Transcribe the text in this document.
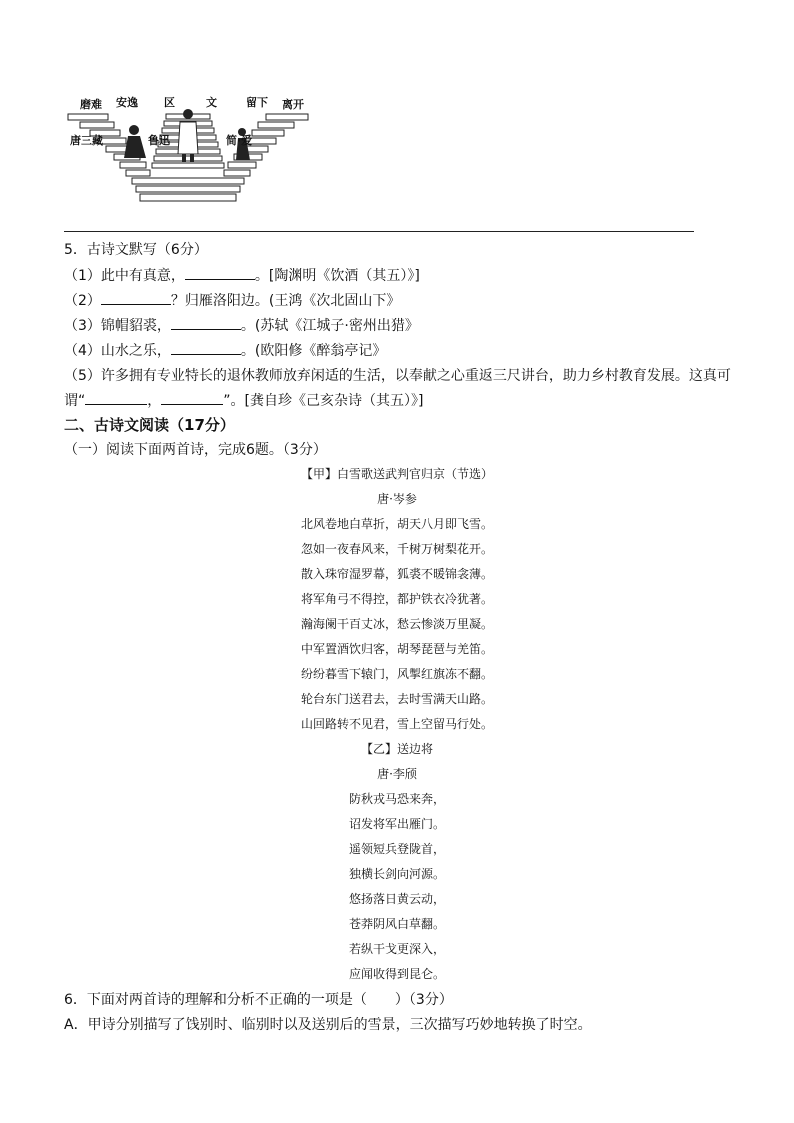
磨难 安逸 区	文	留下 离开
唐三藏	鲁迅	简·爱
5．古诗文默写（6分）
（1）此中有真意，	。[陶渊明《饮酒（其五）》]
（2）	？归雁洛阳边。(王鸿《次北固山下》
（3）锦帽貂裘，	。(苏轼《江城子·密州出猎》
（4）山水之乐，	。(欧阳修《醉翁亭记》
（5）许多拥有专业特长的退休教师放弃闲适的生活，以奉献之心重返三尺讲台，助力乡村教育发展。这真可
谓“	，	”。[龚自珍《己亥杂诗（其五）》]
二、古诗文阅读（17分）
（一）阅读下面两首诗，完成6题。（3分）
【甲】白雪歌送武判官归京（节选）
唐·岑参
北风卷地白草折，胡天八月即飞雪。
忽如一夜春风来，千树万树梨花开。
散入珠帘湿罗幕，狐裘不暖锦衾薄。
将军角弓不得控，都护铁衣冷犹著。
瀚海阑干百丈冰，愁云惨淡万里凝。
中军置酒饮归客，胡琴琵琶与羌笛。
纷纷暮雪下辕门，风掣红旗冻不翻。
轮台东门送君去，去时雪满天山路。
山回路转不见君，雪上空留马行处。
【乙】送边将
唐·李颀
防秋戎马恐来奔，
诏发将军出雁门。
遥领短兵登陇首，
独横长剑向河源。
悠扬落日黄云动，
苍莽阴风白草翻。
若纵干戈更深入，
应闻收得到昆仑。
6．下面对两首诗的理解和分析不正确的一项是（　　）（3分）
A．甲诗分别描写了饯别时、临别时以及送别后的雪景，三次描写巧妙地转换了时空。
